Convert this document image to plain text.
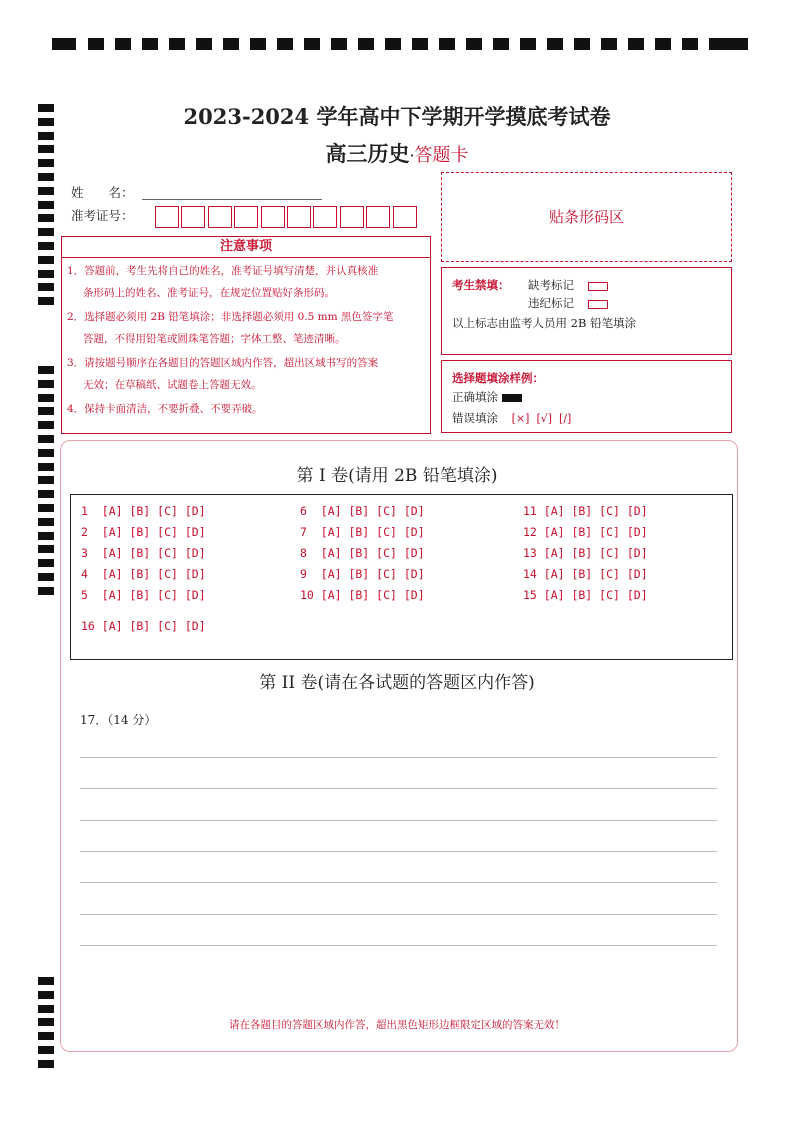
2023-2024 学年高中下学期开学摸底考试卷
高三历史·答题卡
姓　　名：
准考证号：	贴条形码区
注意事项
1．答题前，考生先将自己的姓名，准考证号填写清楚，并认真核准
条形码上的姓名、准考证号，在规定位置贴好条形码。
2．选择题必须用 2B 铅笔填涂；非选择题必须用 0.5 mm 黑色签字笔
答题，不得用铅笔或圆珠笔答题；字体工整、笔迹清晰。
3．请按题号顺序在各题目的答题区域内作答，超出区域书写的答案
无效；在草稿纸、试题卷上答题无效。
4．保持卡面清洁，不要折叠、不要弄破。
考生禁填： 缺考标记
违纪标记
以上标志由监考人员用 2B 铅笔填涂
选择题填涂样例：
正确填涂
错误填涂 [×]  [√]  [/]
第 I 卷(请用 2B 铅笔填涂)
1  [A] [B] [C] [D]
2  [A] [B] [C] [D]
3  [A] [B] [C] [D]
4  [A] [B] [C] [D]
5  [A] [B] [C] [D]
6  [A] [B] [C] [D]
7  [A] [B] [C] [D]
8  [A] [B] [C] [D]
9  [A] [B] [C] [D]
10 [A] [B] [C] [D]
11 [A] [B] [C] [D]
12 [A] [B] [C] [D]
13 [A] [B] [C] [D]
14 [A] [B] [C] [D]
15 [A] [B] [C] [D]
16 [A] [B] [C] [D]
第 II 卷(请在各试题的答题区内作答)
17．（14 分）
请在各题目的答题区域内作答，超出黑色矩形边框限定区域的答案无效！
